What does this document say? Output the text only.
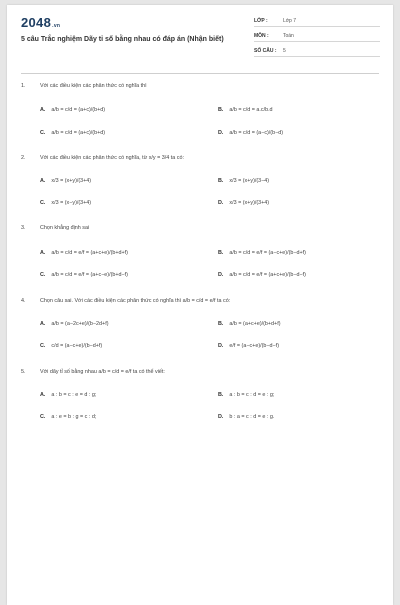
2048.vn
5 câu Trắc nghiệm Dãy tỉ số bằng nhau có đáp án (Nhận biết)
LỚP :	Lớp 7
MÔN :	Toán
SỐ CÂU : 5
1.	Với các điều kiện các phân thức có nghĩa thì
A. a/b = c/d = (a+c)/(b+d)	B. a/b = c/d = a.c/b.d
C. a/b = c/d = (a+c)/(b+d)	D. a/b = c/d = (a−c)/(b−d)
2.	Với các điều kiện các phân thức có nghĩa, từ x/y = 3/4 ta có:
A. x/3 = (x+y)/(3+4)	B. x/3 = (x+y)/(3−4)
C. x/3 = (x−y)/(3+4)	D. x/3 = (x+y)/(3+4)
3.	Chọn khẳng định sai
A. a/b = c/d = e/f = (a+c+e)/(b+d+f)	B. a/b = c/d = e/f = (a−c+e)/(b−d+f)
C. a/b = c/d = e/f = (a+c−e)/(b+d−f)	D. a/b = c/d = e/f = (a+c+e)/(b−d−f)
4.	Chọn câu sai. Với các điều kiện các phân thức có nghĩa thì a/b = c/d = e/f ta có:
A. a/b = (a−2c+e)/(b−2d+f)	B. a/b = (a+c+e)/(b+d+f)
C. c/d = (a−c+e)/(b−d+f)	D. e/f = (a−c+e)/(b−d−f)
5.	Với dãy tỉ số bằng nhau a/b = c/d = e/f ta có thể viết:
A. a : b = c : e = d : g;	B. a : b = c : d = e : g;
C. a : e = b : g = c : d;	D. b : a = c : d = e : g.
